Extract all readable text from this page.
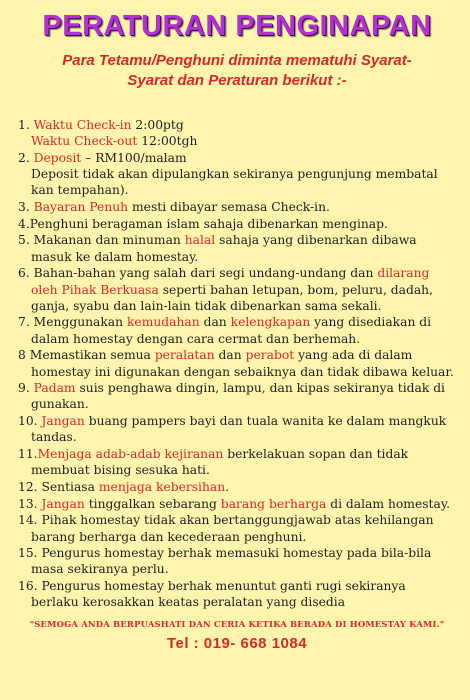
PERATURAN PENGINAPAN

Para Tetamu/Penghuni diminta mematuhi Syarat-
Syarat dan Peraturan berikut :-

1. Waktu Check-in 2:00ptg
Waktu Check-out 12:00tgh
2. Deposit – RM100/malam
Deposit tidak akan dipulangkan sekiranya pengunjung membatal kan tempahan).
3. Bayaran Penuh mesti dibayar semasa Check-in.
4.Penghuni beragaman islam sahaja dibenarkan menginap.
5. Makanan dan minuman halal sahaja yang dibenarkan dibawa masuk ke dalam homestay.
6. Bahan-bahan yang salah dari segi undang-undang dan dilarang oleh Pihak Berkuasa seperti bahan letupan, bom, peluru, dadah, ganja, syabu dan lain-lain tidak dibenarkan sama sekali.
7. Menggunakan kemudahan dan kelengkapan yang disediakan di dalam homestay dengan cara cermat dan berhemah.
8 Memastikan semua peralatan dan perabot yang ada di dalam homestay ini digunakan dengan sebaiknya dan tidak dibawa keluar.
9. Padam suis penghawa dingin, lampu, dan kipas sekiranya tidak di gunakan.
10. Jangan buang pampers bayi dan tuala wanita ke dalam mangkuk tandas.
11.Menjaga adab-adab kejiranan berkelakuan sopan dan tidak membuat bising sesuka hati.
12. Sentiasa menjaga kebersihan.
13. Jangan tinggalkan sebarang barang berharga di dalam homestay.
14. Pihak homestay tidak akan bertanggungjawab atas kehilangan barang berharga dan kecederaan penghuni.
15. Pengurus homestay berhak memasuki homestay pada bila-bila masa sekiranya perlu.
16. Pengurus homestay berhak menuntut ganti rugi sekiranya berlaku kerosakkan keatas peralatan yang disedia

"SEMOGA ANDA BERPUASHATI DAN CERIA KETIKA BERADA DI HOMESTAY KAMI."

Tel : 019- 668 1084
